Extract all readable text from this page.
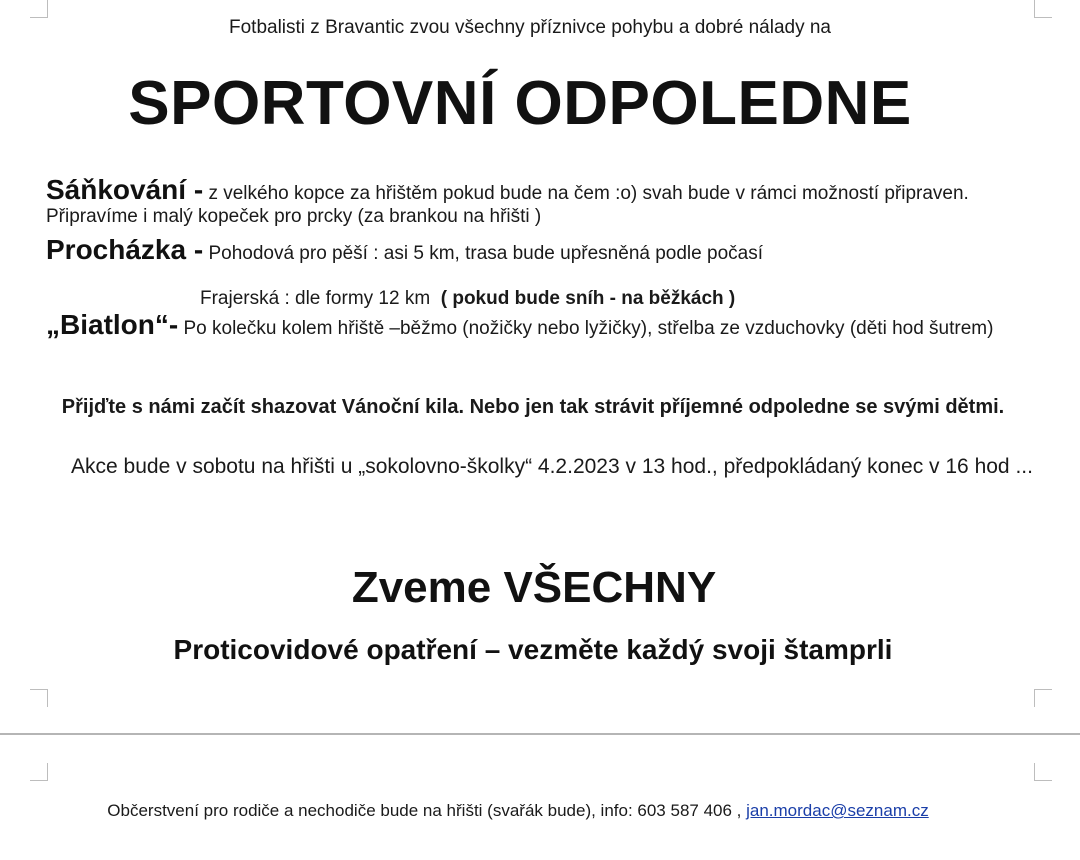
Fotbalisti z Bravantic zvou všechny příznivce pohybu a dobré nálady na
SPORTOVNÍ ODPOLEDNE
Sáňkování - z velkého kopce za hřištěm pokud bude na čem :o) svah bude v rámci možností připraven. Připravíme i malý kopeček pro prcky (za brankou na hřišti )
Procházka - Pohodová pro pěší : asi 5 km, trasa bude upřesněná podle počasí
Frajerská : dle formy 12 km ( pokud bude sníh - na běžkách )
„Biatlon“- Po kolečku kolem hřiště –běžmo (nožičky nebo lyžičky), střelba ze vzduchovky (děti hod šutrem)
Přijďte s námi začít shazovat Vánoční kila. Nebo jen tak strávit příjemné odpoledne se svými dětmi.
Akce bude v sobotu na hřišti u „sokolovno-školky“ 4.2.2023 v 13 hod., předpokládaný konec v 16 hod ...
Zveme VŠECHNY
Proticovidové opatření – vezměte každý svoji štamprli
Občerstvení pro rodiče a nechodiče bude na hřišti (svařák bude), info: 603 587 406 , jan.mordac@seznam.cz
